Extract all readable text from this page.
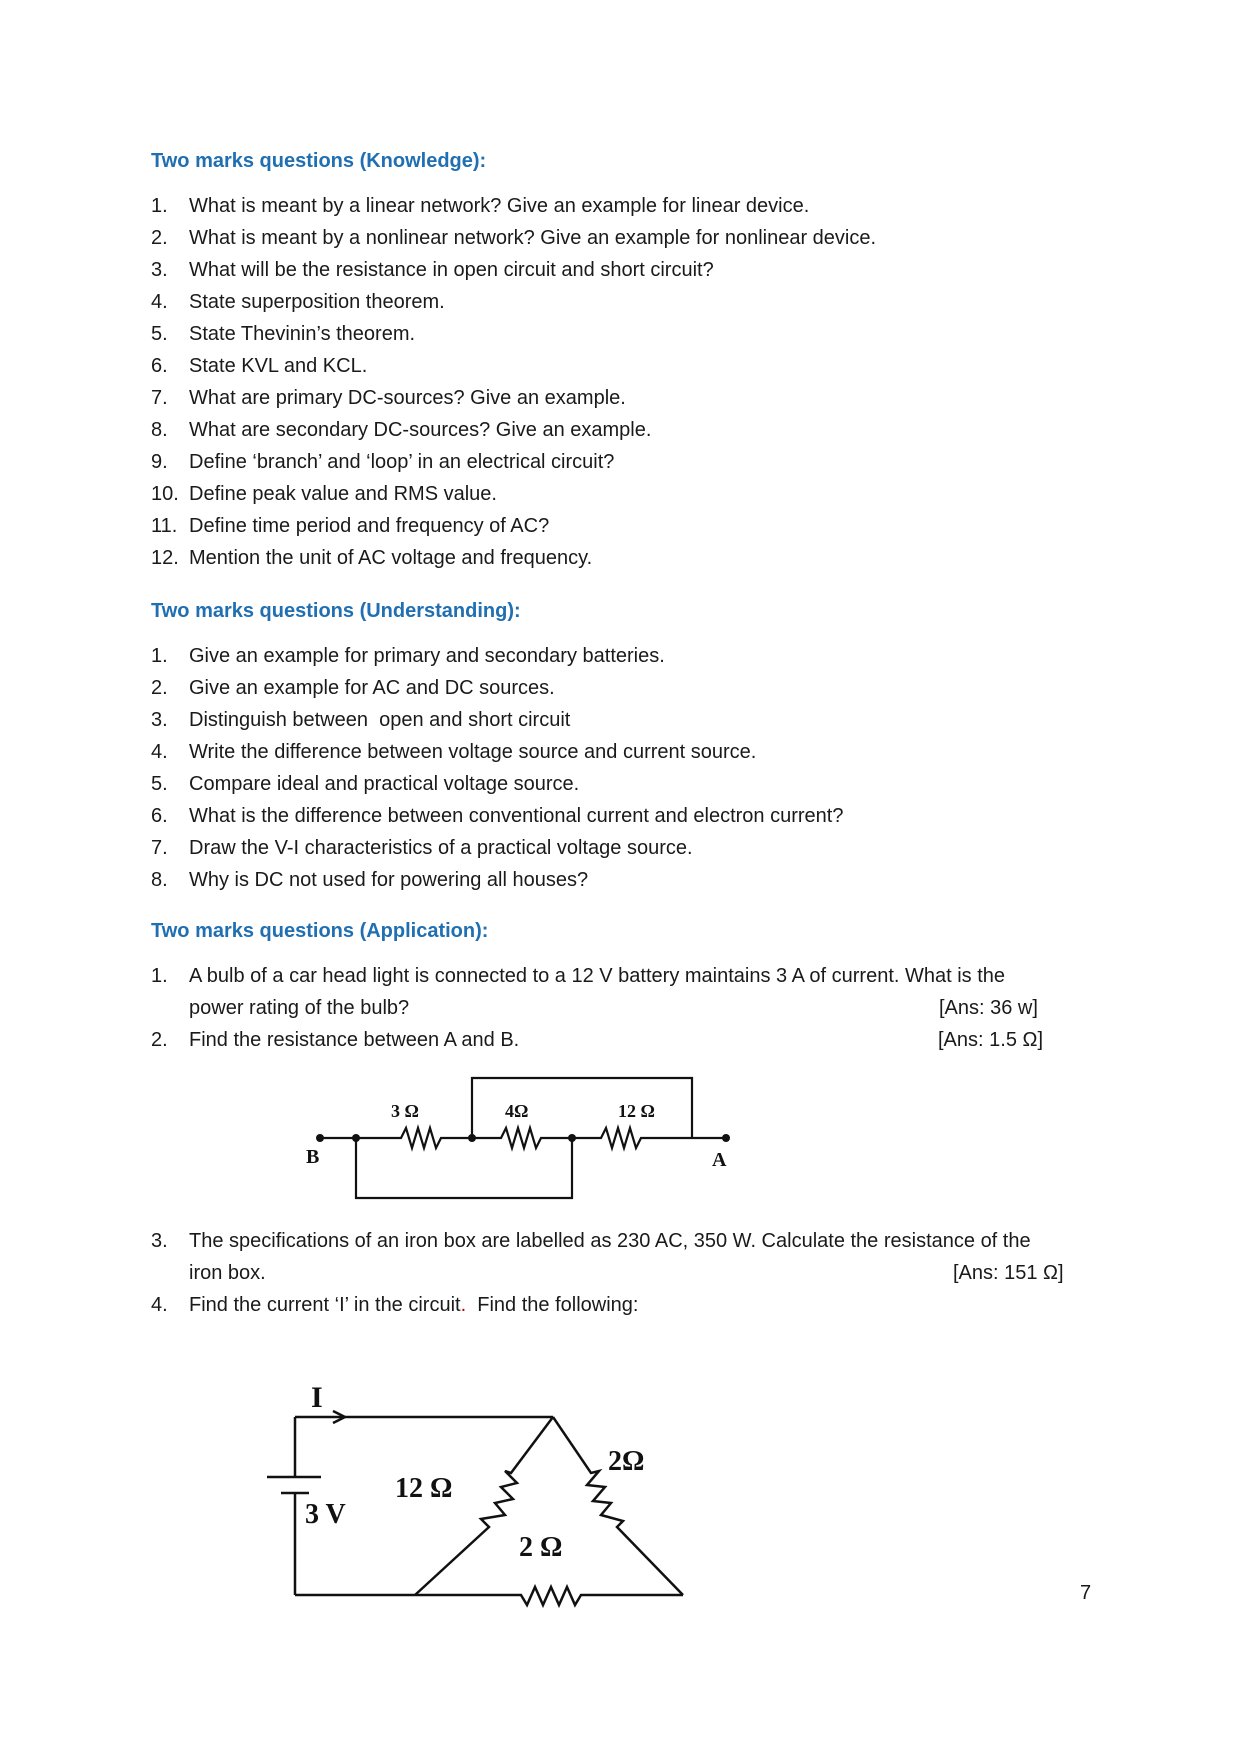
Two marks questions (Knowledge):
1. What is meant by a linear network? Give an example for linear device.
2. What is meant by a nonlinear network? Give an example for nonlinear device.
3. What will be the resistance in open circuit and short circuit?
4. State superposition theorem.
5. State Thevinin’s theorem.
6. State KVL and KCL.
7. What are primary DC-sources? Give an example.
8. What are secondary DC-sources? Give an example.
9. Define ‘branch’ and ‘loop’ in an electrical circuit?
10. Define peak value and RMS value.
11. Define time period and frequency of AC?
12. Mention the unit of AC voltage and frequency.
Two marks questions (Understanding):
1. Give an example for primary and secondary batteries.
2. Give an example for AC and DC sources.
3. Distinguish between  open and short circuit
4. Write the difference between voltage source and current source.
5. Compare ideal and practical voltage source.
6. What is the difference between conventional current and electron current?
7. Draw the V-I characteristics of a practical voltage source.
8. Why is DC not used for powering all houses?
Two marks questions (Application):
1. A bulb of a car head light is connected to a 12 V battery maintains 3 A of current. What is the
power rating of the bulb?	[Ans: 36 w]
2. Find the resistance between A and B.	[Ans: 1.5 Ω]
3 Ω	4Ω	12 Ω
B	A
3. The specifications of an iron box are labelled as 230 AC, 350 W. Calculate the resistance of the
iron box.	[Ans: 151 Ω]
4. Find the current ‘I’ in the circuit.  Find the following:
I
3 V
12 Ω
2Ω
2 Ω
7
